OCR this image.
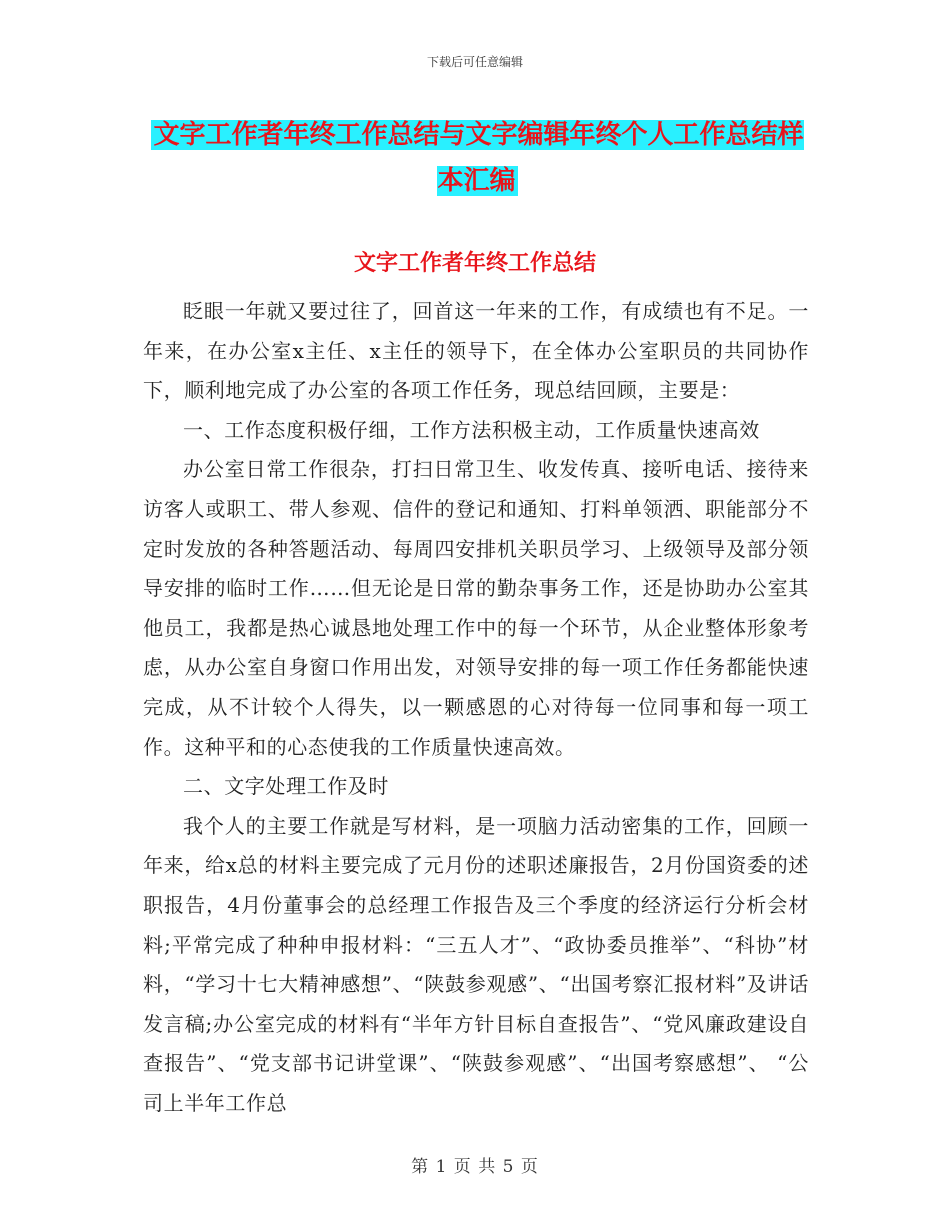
下载后可任意编辑
文字工作者年终工作总结与文字编辑年终个人工作总结样本汇编
文字工作者年终工作总结

眨眼一年就又要过往了，回首这一年来的工作，有成绩也有不足。一年来，在办公室x主任、x主任的领导下，在全体办公室职员的共同协作下，顺利地完成了办公室的各项工作任务，现总结回顾，主要是：

一、工作态度积极仔细，工作方法积极主动，工作质量快速高效

办公室日常工作很杂，打扫日常卫生、收发传真、接听电话、接待来访客人或职工、带人参观、信件的登记和通知、打料单领洒、职能部分不定时发放的各种答题活动、每周四安排机关职员学习、上级领导及部分领导安排的临时工作……但无论是日常的勤杂事务工作，还是协助办公室其他员工，我都是热心诚恳地处理工作中的每一个环节，从企业整体形象考虑，从办公室自身窗口作用出发，对领导安排的每一项工作任务都能快速完成，从不计较个人得失，以一颗感恩的心对待每一位同事和每一项工作。这种平和的心态使我的工作质量快速高效。

二、文字处理工作及时

我个人的主要工作就是写材料，是一项脑力活动密集的工作，回顾一年来，给x总的材料主要完成了元月份的述职述廉报告，2月份国资委的述职报告，4月份董事会的总经理工作报告及三个季度的经济运行分析会材料;平常完成了种种申报材料：“三五人才”、“政协委员推举”、“科协”材料，“学习十七大精神感想”、“陕鼓参观感”、“出国考察汇报材料”及讲话发言稿;办公室完成的材料有“半年方针目标自查报告”、“党风廉政建设自查报告”、“党支部书记讲堂课”、“陕鼓参观感”、“出国考察感想”、 “公司上半年工作总

第 1 页 共 5 页
